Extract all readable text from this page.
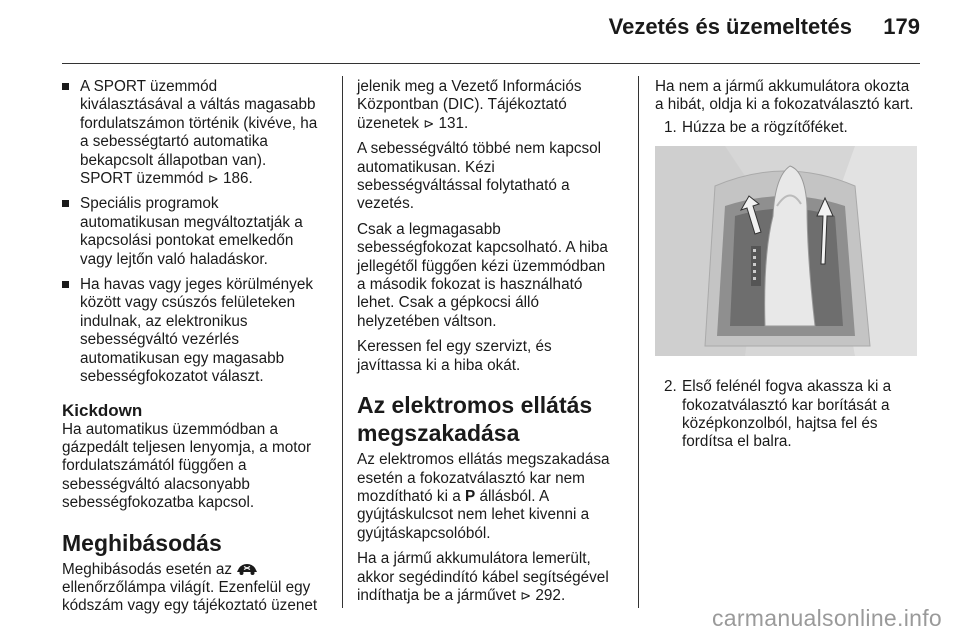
Vezetés és üzemeltetés 179
A SPORT üzemmód
kiválasztásával a váltás magasabb
fordulatszámon történik (kivéve, ha
a sebességtartó automatika
bekapcsolt állapotban van).
SPORT üzemmód ⊳ 186.
Speciális programok
automatikusan megváltoztatják a
kapcsolási pontokat emelkedőn
vagy lejtőn való haladáskor.
Ha havas vagy jeges körülmények
között vagy csúszós felületeken
indulnak, az elektronikus
sebességváltó vezérlés
automatikusan egy magasabb
sebességfokozatot választ.
Kickdown
Ha automatikus üzemmódban a
gázpedált teljesen lenyomja, a motor
fordulatszámától függően a
sebességváltó alacsonyabb
sebességfokozatba kapcsol.
Meghibásodás
Meghibásodás esetén az
ellenőrzőlámpa világít. Ezenfelül egy
kódszám vagy egy tájékoztató üzenet

jelenik meg a Vezető Információs
Központban (DIC). Tájékoztató
üzenetek ⊳ 131.

A sebességváltó többé nem kapcsol
automatikusan. Kézi
sebességváltással folytatható a
vezetés.

Csak a legmagasabb
sebességfokozat kapcsolható. A hiba
jellegétől függően kézi üzemmódban
a második fokozat is használható
lehet. Csak a gépkocsi álló
helyzetében váltson.

Keressen fel egy szervizt, és
javíttassa ki a hiba okát.

Az elektromos ellátás
megszakadása

Az elektromos ellátás megszakadása
esetén a fokozatválasztó kar nem
mozdítható ki a P állásból. A
gyújtáskulcsot nem lehet kivenni a
gyújtáskapcsolóból.

Ha a jármű akkumulátora lemerült,
akkor segédindító kábel segítségével
indíthatja be a járművet ⊳ 292.

Ha nem a jármű akkumulátora okozta
a hibát, oldja ki a fokozatválasztó kart.

1. Húzza be a rögzítőféket.
2. Első felénél fogva akassza ki a
fokozatválasztó kar borítását a
középkonzolból, hajtsa fel és
fordítsa el balra.
carmanualsonline.info
